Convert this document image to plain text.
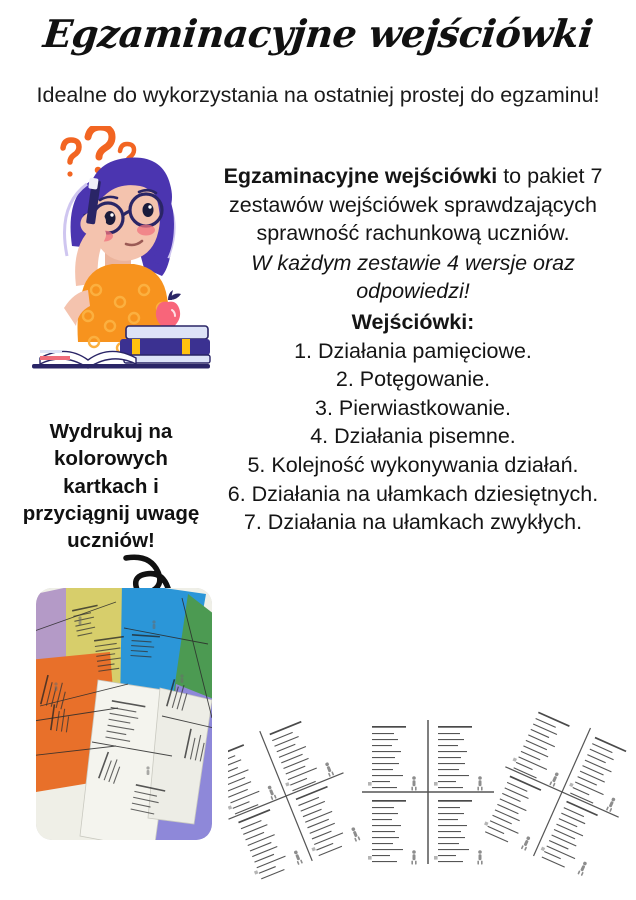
Egzaminacyjne wejściówki
Idealne do wykorzystania na ostatniej prostej do egzaminu!

Egzaminacyjne wejściówki to pakiet 7 zestawów wejściówek sprawdzających sprawność rachunkową uczniów.

W każdym zestawie 4 wersje oraz odpowiedzi!
Wejściówki:
1. Działania pamięciowe.
2. Potęgowanie.
3. Pierwiastkowanie.
4. Działania pisemne.
5. Kolejność wykonywania działań.
6. Działania na ułamkach dziesiętnych.
7. Działania na ułamkach zwykłych.
Wydrukuj na kolorowych kartkach i przyciągnij uwagę uczniów!
